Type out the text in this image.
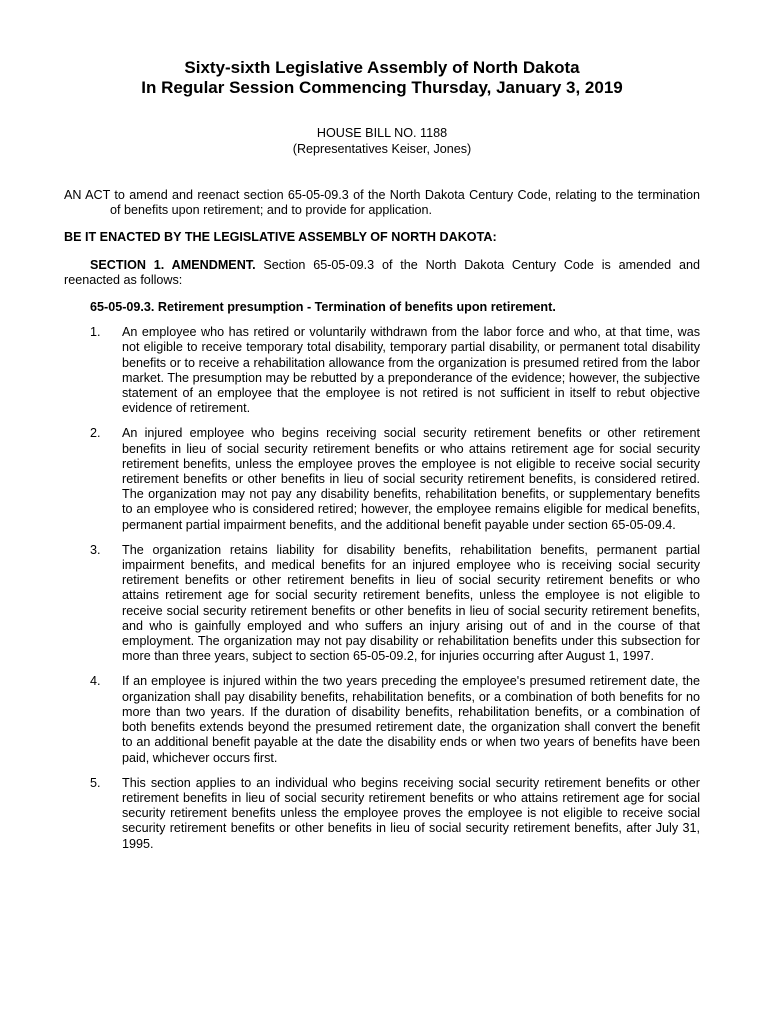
Sixty-sixth Legislative Assembly of North Dakota
In Regular Session Commencing Thursday, January 3, 2019
HOUSE BILL NO. 1188
(Representatives Keiser, Jones)
AN ACT to amend and reenact section 65-05-09.3 of the North Dakota Century Code, relating to the termination of benefits upon retirement; and to provide for application.
BE IT ENACTED BY THE LEGISLATIVE ASSEMBLY OF NORTH DAKOTA:
SECTION 1. AMENDMENT. Section 65-05-09.3 of the North Dakota Century Code is amended and reenacted as follows:
65-05-09.3. Retirement presumption - Termination of benefits upon retirement.
1. An employee who has retired or voluntarily withdrawn from the labor force and who, at that time, was not eligible to receive temporary total disability, temporary partial disability, or permanent total disability benefits or to receive a rehabilitation allowance from the organization is presumed retired from the labor market. The presumption may be rebutted by a preponderance of the evidence; however, the subjective statement of an employee that the employee is not retired is not sufficient in itself to rebut objective evidence of retirement.
2. An injured employee who begins receiving social security retirement benefits or other retirement benefits in lieu of social security retirement benefits or who attains retirement age for social security retirement benefits, unless the employee proves the employee is not eligible to receive social security retirement benefits or other benefits in lieu of social security retirement benefits, is considered retired. The organization may not pay any disability benefits, rehabilitation benefits, or supplementary benefits to an employee who is considered retired; however, the employee remains eligible for medical benefits, permanent partial impairment benefits, and the additional benefit payable under section 65-05-09.4.
3. The organization retains liability for disability benefits, rehabilitation benefits, permanent partial impairment benefits, and medical benefits for an injured employee who is receiving social security retirement benefits or other retirement benefits in lieu of social security retirement benefits or who attains retirement age for social security retirement benefits, unless the employee is not eligible to receive social security retirement benefits or other benefits in lieu of social security retirement benefits, and who is gainfully employed and who suffers an injury arising out of and in the course of that employment. The organization may not pay disability or rehabilitation benefits under this subsection for more than three years, subject to section 65-05-09.2, for injuries occurring after August 1, 1997.
4. If an employee is injured within the two years preceding the employee's presumed retirement date, the organization shall pay disability benefits, rehabilitation benefits, or a combination of both benefits for no more than two years. If the duration of disability benefits, rehabilitation benefits, or a combination of both benefits extends beyond the presumed retirement date, the organization shall convert the benefit to an additional benefit payable at the date the disability ends or when two years of benefits have been paid, whichever occurs first.
5. This section applies to an individual who begins receiving social security retirement benefits or other retirement benefits in lieu of social security retirement benefits or who attains retirement age for social security retirement benefits unless the employee proves the employee is not eligible to receive social security retirement benefits or other benefits in lieu of social security retirement benefits, after July 31, 1995.
